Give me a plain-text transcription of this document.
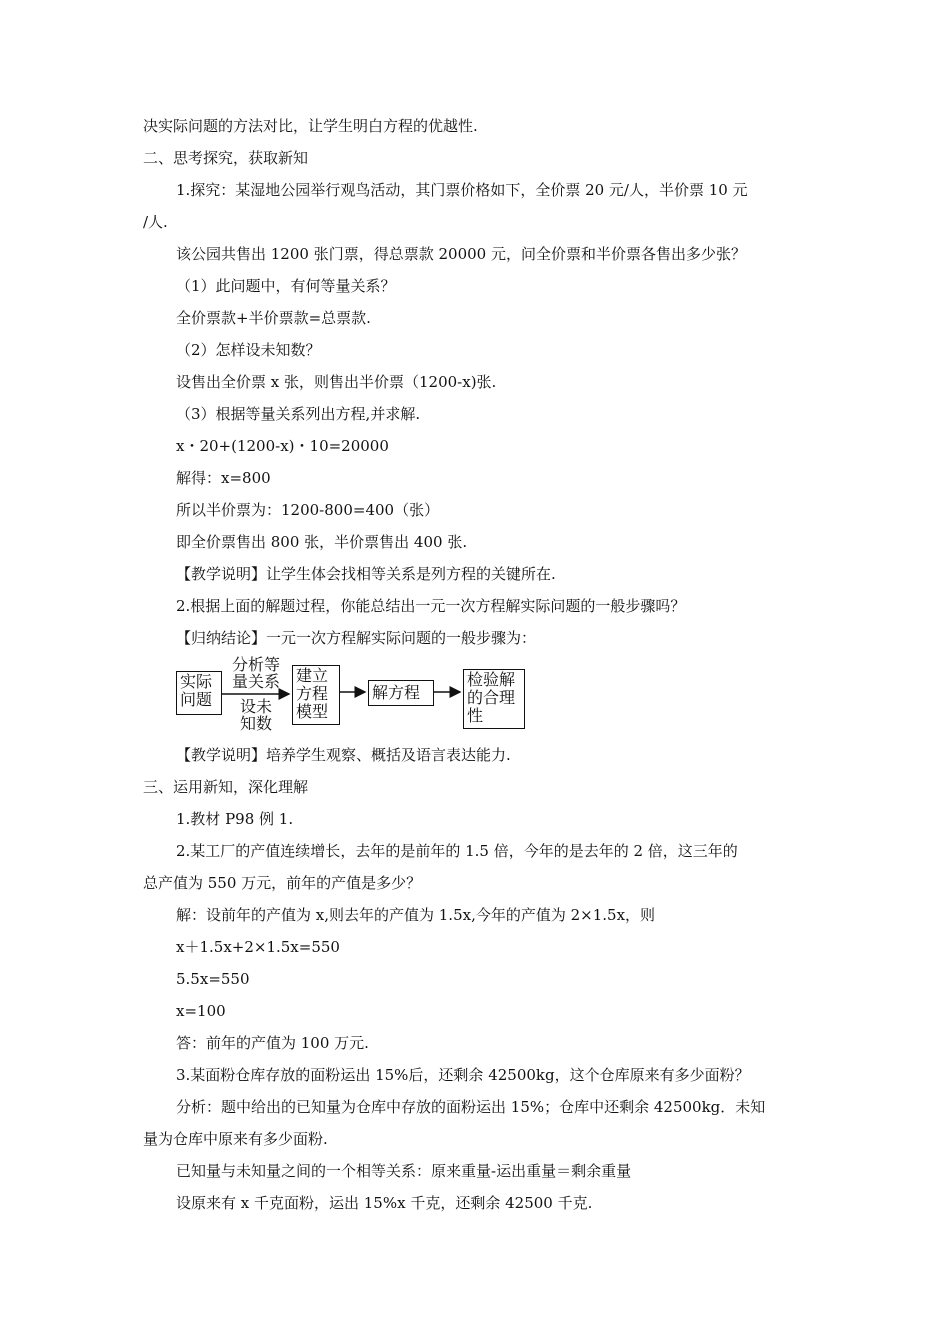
决实际问题的方法对比，让学生明白方程的优越性.
二、思考探究，获取新知
1.探究：某湿地公园举行观鸟活动，其门票价格如下，全价票 20 元/人，半价票 10 元
/人.
该公园共售出 1200 张门票，得总票款 20000 元，问全价票和半价票各售出多少张？
（1）此问题中，有何等量关系？
全价票款+半价票款=总票款.
（2）怎样设未知数？
设售出全价票 x 张，则售出半价票（1200-x)张.
（3）根据等量关系列出方程,并求解.
x・20+(1200-x)・10=20000
解得：x=800
所以半价票为：1200-800=400（张）
即全价票售出 800 张，半价票售出 400 张.
【教学说明】让学生体会找相等关系是列方程的关键所在.
2.根据上面的解题过程，你能总结出一元一次方程解实际问题的一般步骤吗？
【归纳结论】一元一次方程解实际问题的一般步骤为：
实际
问题
分析等
量关系
设未
知数
建立
方程
模型
解方程
检验解
的合理
性
【教学说明】培养学生观察、概括及语言表达能力.
三、运用新知，深化理解
1.教材 P98 例 1.
2.某工厂的产值连续增长，去年的是前年的 1.5 倍，今年的是去年的 2 倍，这三年的
总产值为 550 万元，前年的产值是多少？
解：设前年的产值为 x,则去年的产值为 1.5x,今年的产值为 2×1.5x，则
x＋1.5x+2×1.5x=550
5.5x=550
x=100
答：前年的产值为 100 万元.
3.某面粉仓库存放的面粉运出 15%后，还剩余 42500kg，这个仓库原来有多少面粉？
分析：题中给出的已知量为仓库中存放的面粉运出 15%；仓库中还剩余 42500kg．未知
量为仓库中原来有多少面粉.
已知量与未知量之间的一个相等关系：原来重量-运出重量＝剩余重量
设原来有 x 千克面粉，运出 15%x 千克，还剩余 42500 千克.
